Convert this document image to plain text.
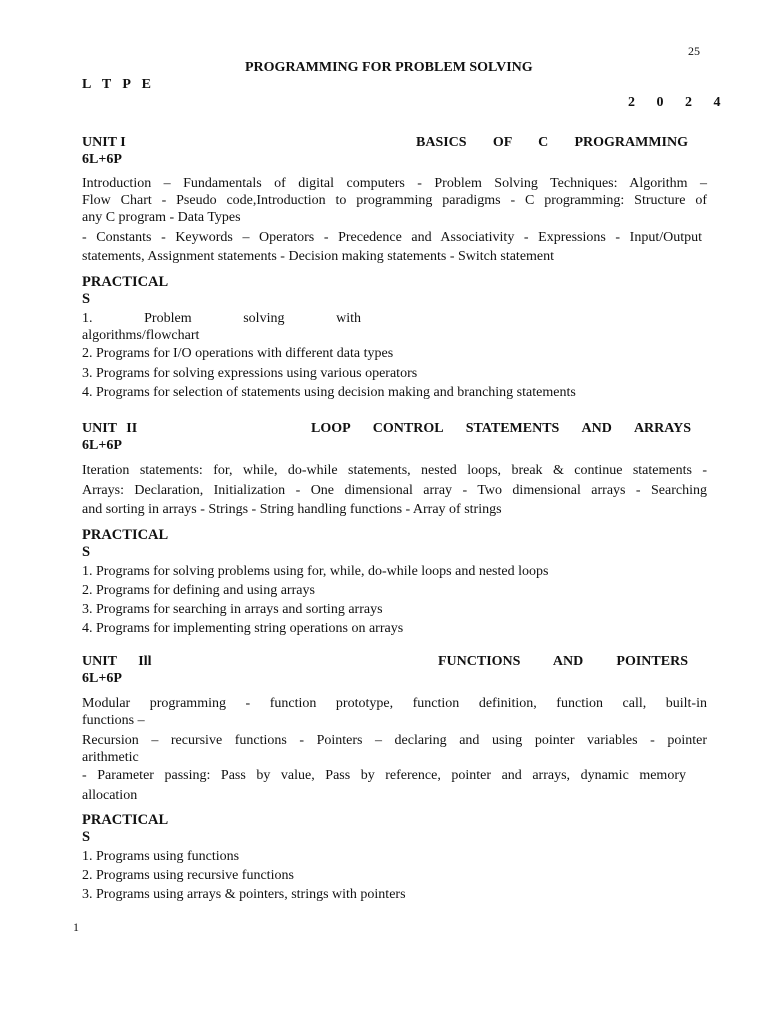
25
PROGRAMMING FOR PROBLEM SOLVING
L T P E
2 0 2 4
UNIT I	BASICS OF C PROGRAMMING
6L+6P
Introduction – Fundamentals of digital computers - Problem Solving Techniques: Algorithm –
Flow Chart - Pseudo code,Introduction to programming paradigms - C programming: Structure of
any C program - Data Types
- Constants - Keywords – Operators - Precedence and Associativity - Expressions - Input/Output
statements, Assignment statements - Decision making statements - Switch statement
PRACTICAL
S
1. Problem solving with
algorithms/flowchart
2. Programs for I/O operations with different data types
3. Programs for solving expressions using various operators
4. Programs for selection of statements using decision making and branching statements
UNIT II	LOOP CONTROL STATEMENTS AND ARRAYS
6L+6P
Iteration statements: for, while, do-while statements, nested loops, break & continue statements -
Arrays: Declaration, Initialization - One dimensional array - Two dimensional arrays - Searching
and sorting in arrays - Strings - String handling functions - Array of strings
PRACTICAL
S
1. Programs for solving problems using for, while, do-while loops and nested loops
2. Programs for defining and using arrays
3. Programs for searching in arrays and sorting arrays
4. Programs for implementing string operations on arrays
UNIT Ill	FUNCTIONS AND POINTERS
6L+6P
Modular programming - function prototype, function definition, function call, built-in
functions –
Recursion – recursive functions - Pointers – declaring and using pointer variables - pointer
arithmetic
- Parameter passing: Pass by value, Pass by reference, pointer and arrays, dynamic memory
allocation
PRACTICAL
S
1. Programs using functions
2. Programs using recursive functions
3. Programs using arrays & pointers, strings with pointers
1
